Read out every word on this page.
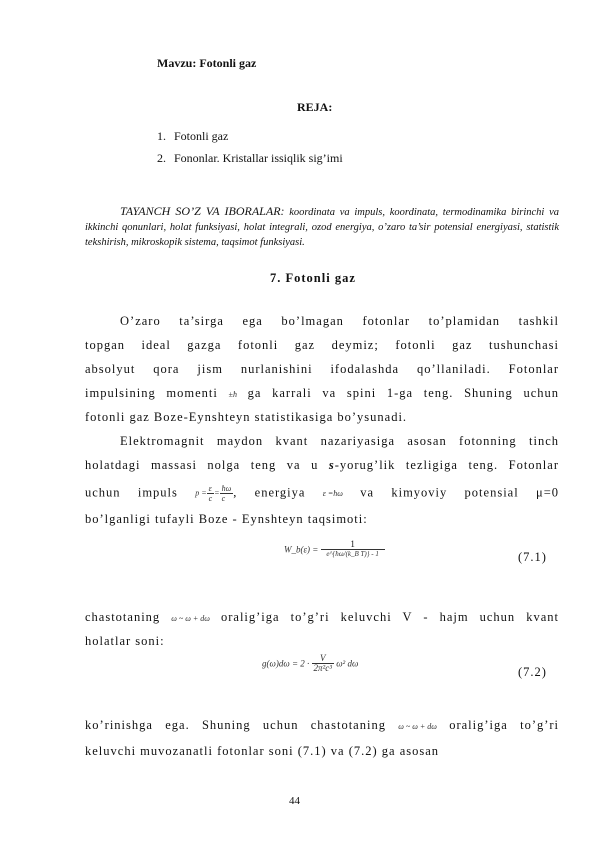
Mavzu: Fotonli gaz
REJA:
1. Fotonli gaz
2. Fononlar. Kristallar issiqlik sig’imi
TAYANCH SO’Z VA IBORALAR: koordinata va impuls, koordinata, termodinamika birinchi va ikkinchi qonunlari, holat funksiyasi, holat integrali, ozod energiya, o’zaro ta’sir potensial energiyasi, statistik tekshirish, mikroskopik sistema, taqsimot funksiyasi.
7. Fotonli gaz
O’zaro ta’sirga ega bo’lmagan fotonlar to’plamidan tashkil
topgan ideal gazga fotonli gaz deymiz; fotonli gaz tushunchasi
absolyut qora jism nurlanishini ifodalashda qo’llaniladi. Fotonlar
impulsining momenti ±ħ ga karrali va spini 1-ga teng. Shuning uchun
fotonli gaz Boze-Eynshteyn statistikasiga bo’ysunadi.
Elektromagnit maydon kvant nazariyasiga asosan fotonning tinch
holatdagi massasi nolga teng va u s-yorug’lik tezligiga teng. Fotonlar
uchun impuls $p = \frac{\varepsilon}{c} = \frac{ħ\omega}{c}$ , energiya ε =ħω va kimyoviy potensial μ=0
bo’lganligi tufayli Boze - Eynshteyn taqsimoti:
W_b(ε) = $\frac{1}{\text{e\textasciicircum{}\{ħω/(k\_B T)\} - 1}}$	(7.1)
chastotaning ω ~ ω + dω oralig’iga to’g’ri keluvchi V - hajm uchun kvant
holatlar soni:
$g(\omega)d\omega = 2 \cdot \frac{V}{\text{2π²c³}} \omega^2$ dω
(7.2)
ko’rinishga ega. Shuning uchun chastotaning ω ~ ω + dω oralig’iga to’g’ri
keluvchi muvozanatli fotonlar soni (7.1) va (7.2) ga asosan
44
